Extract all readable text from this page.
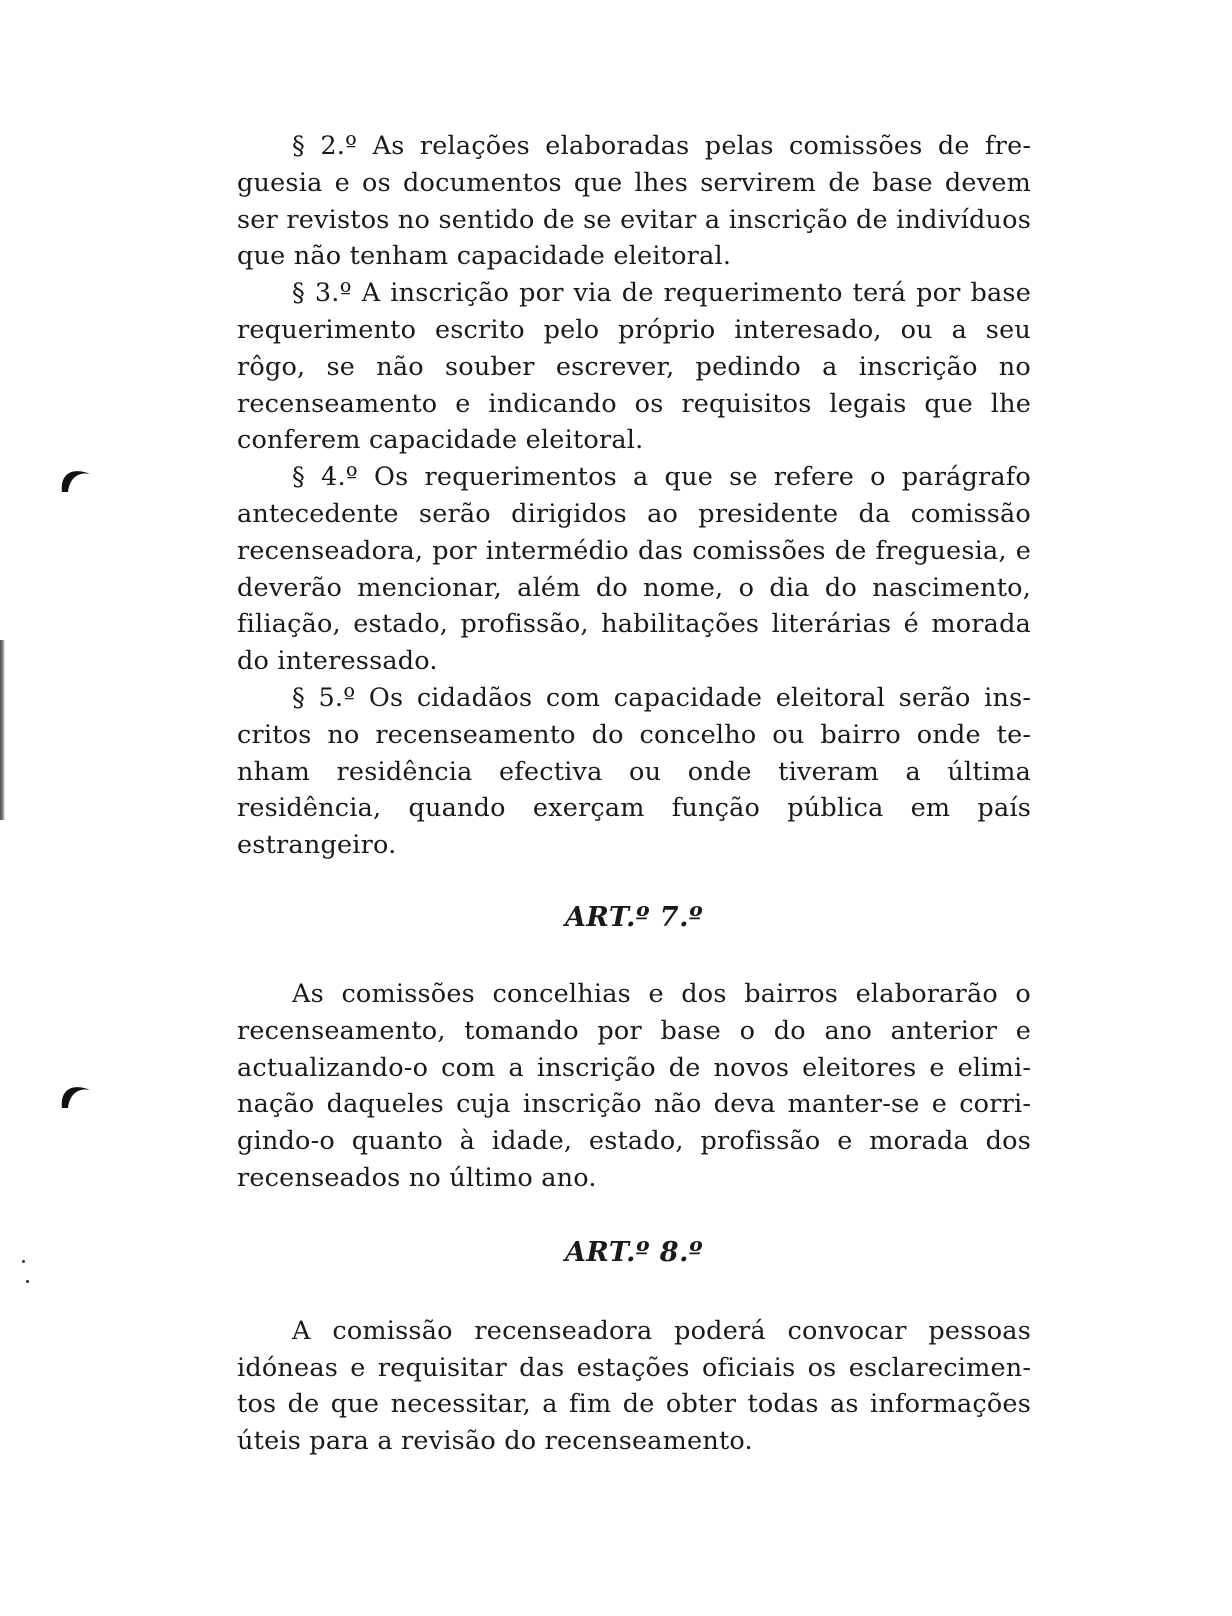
§ 2.º As relações elaboradas pelas comissões de freguesia e os documentos que lhes servirem de base devem ser revistos no sentido de se evitar a inscrição de indivíduos que não tenham capacidade eleitoral.

§ 3.º A inscrição por via de requerimento terá por base requerimento escrito pelo próprio interesado, ou a seu rôgo, se não souber escrever, pedindo a inscrição no recenseamento e indicando os requisitos legais que lhe conferem capacidade eleitoral.

§ 4.º Os requerimentos a que se refere o parágrafo antecedente serão dirigidos ao presidente da comissão recenseadora, por intermédio das comissões de freguesia, e deverão mencionar, além do nome, o dia do nascimento, filiação, estado, profissão, habilitações literárias é morada do interessado.

§ 5.º Os cidadãos com capacidade eleitoral serão inscritos no recenseamento do concelho ou bairro onde tenham residência efectiva ou onde tiveram a última residência, quando exerçam função pública em país estrangeiro.

ART.º 7.º

As comissões concelhias e dos bairros elaborarão o recenseamento, tomando por base o do ano anterior e actualizando-o com a inscrição de novos eleitores e eliminação daqueles cuja inscrição não deva manter-se e corrigindo-o quanto à idade, estado, profissão e morada dos recenseados no último ano.

ART.º 8.º

A comissão recenseadora poderá convocar pessoas idóneas e requisitar das estações oficiais os esclarecimentos de que necessitar, a fim de obter todas as informações úteis para a revisão do recenseamento.
